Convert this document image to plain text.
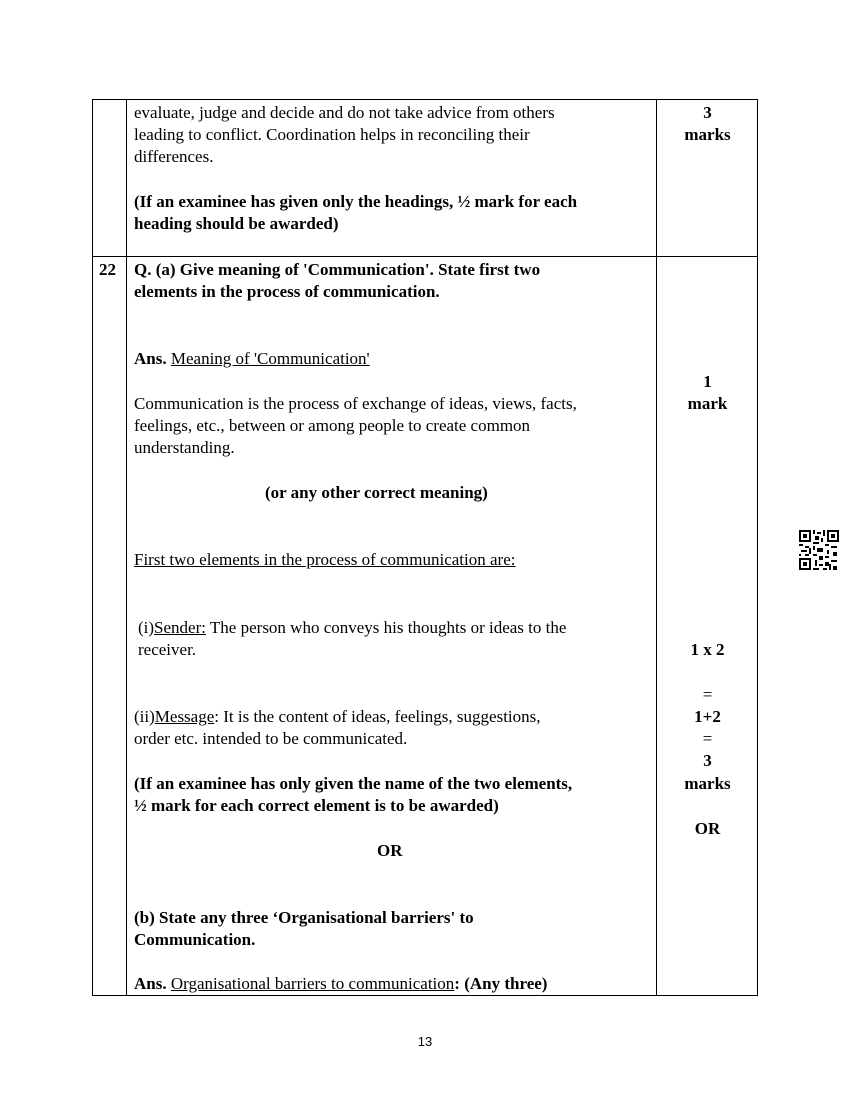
evaluate, judge and decide and do not take advice from others
leading to conflict. Coordination helps in reconciling their
differences.
(If an examinee has given only the headings, ½ mark for each
heading should be awarded)
3
marks
22 Q. (a) Give meaning of 'Communication'. State first two
elements in the process of communication.
Ans. Meaning of 'Communication'
Communication is the process of exchange of ideas, views, facts,
feelings, etc., between or among people to create common
understanding.
(or any other correct meaning)
First two elements in the process of communication are:
(i)Sender: The person who conveys his thoughts or ideas to the
receiver.
(ii)Message: It is the content of ideas, feelings, suggestions,
order etc. intended to be communicated.
(If an examinee has only given the name of the two elements,
½ mark for each correct element is to be awarded)
OR
(b) State any three ‘Organisational barriers' to
Communication.
Ans. Organisational barriers to communication: (Any three)
1
mark
1 x 2
=
1+2
=
3
marks
OR
13
